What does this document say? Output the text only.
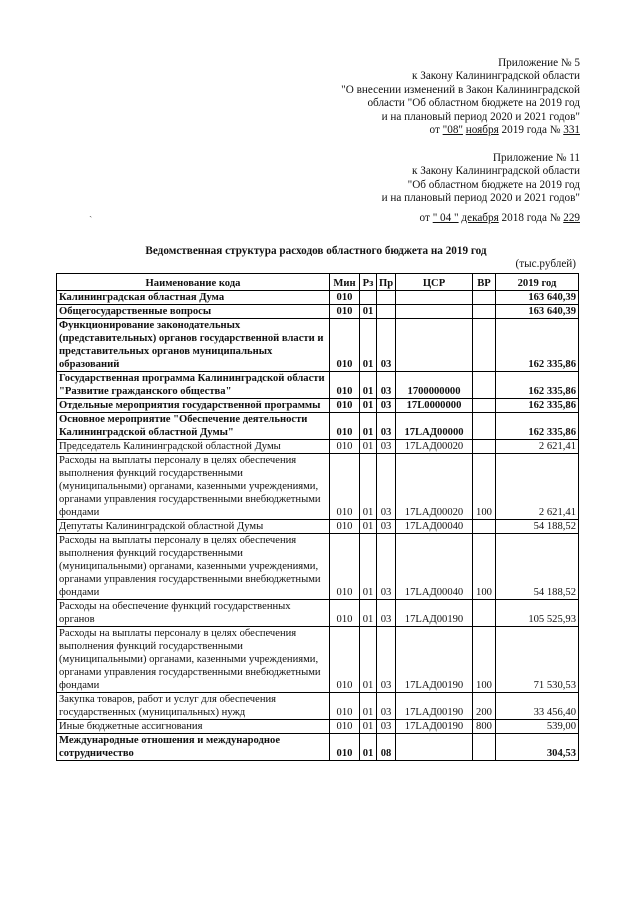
Приложение № 5
к Закону Калининградской области
"О внесении изменений в Закон Калининградской
области "Об областном бюджете на 2019 год
и на плановый период 2020 и 2021 годов"
от "08" ноября 2019 года № 331
Приложение № 11
к Закону Калининградской области
"Об областном бюджете на 2019 год
и на плановый период 2020 и 2021 годов"
от " 04 " декабря 2018 года № 229
Ведомственная структура расходов областного бюджета на 2019 год
(тыс.рублей)
Наименование кода	Мин	Рз	Пр	ЦСР	ВР	2019 год
Калининградская областная Дума	010					163 640,39
Общегосударственные вопросы	010	01				163 640,39
Функционирование законодательных (представительных) органов государственной власти и представительных органов муниципальных образований	010	01	03			162 335,86
Государственная программа Калининградской области "Развитие гражданского общества"	010	01	03	1700000000		162 335,86
Отдельные мероприятия государственной программы	010	01	03	17L0000000		162 335,86
Основное мероприятие "Обеспечение деятельности Калининградской областной Думы"	010	01	03	17LАД00000		162 335,86
Председатель Калининградской областной Думы	010	01	03	17LАД00020		2 621,41
Расходы на выплаты персоналу в целях обеспечения выполнения функций государственными (муниципальными) органами, казенными учреждениями, органами управления государственными внебюджетными фондами	010	01	03	17LАД00020	100	2 621,41
Депутаты Калининградской областной Думы	010	01	03	17LАД00040		54 188,52
Расходы на выплаты персоналу в целях обеспечения выполнения функций государственными (муниципальными) органами, казенными учреждениями, органами управления государственными внебюджетными фондами	010	01	03	17LАД00040	100	54 188,52
Расходы на обеспечение функций государственных органов	010	01	03	17LАД00190		105 525,93
Расходы на выплаты персоналу в целях обеспечения выполнения функций государственными (муниципальными) органами, казенными учреждениями, органами управления государственными внебюджетными фондами	010	01	03	17LАД00190	100	71 530,53
Закупка товаров, работ и услуг для обеспечения государственных (муниципальных) нужд	010	01	03	17LАД00190	200	33 456,40
Иные бюджетные ассигнования	010	01	03	17LАД00190	800	539,00
Международные отношения и международное сотрудничество	010	01	08			304,53
ˏ
